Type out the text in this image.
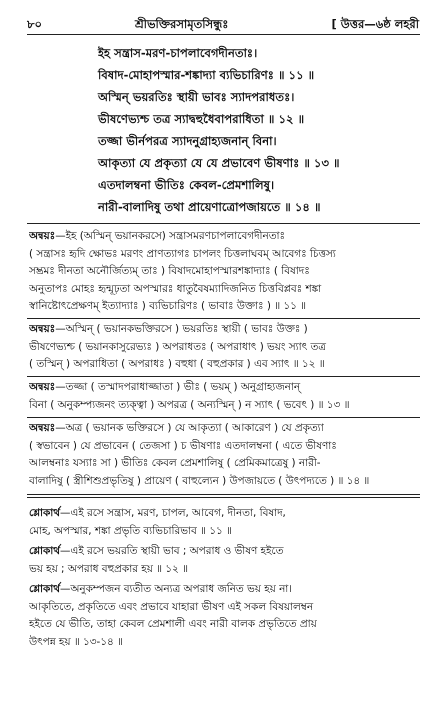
৮০	শ্রীভক্তিরসামৃতসিন্ধুঃ	[ উত্তর—৬ষ্ঠ লহরী
ইহ সন্ত্রাস-মরণ-চাপলাবেগদীনতাঃ।
বিষাদ-মোহাপস্মার-শঙ্কাদ্যা ব্যভিচারিণঃ ॥ ১১ ॥
অস্মিন্ ভয়রতিঃ স্থায়ী ভাবঃ স্যাদপরাধতঃ।
ভীষণেভ্যশ্চ তত্র স্যাদ্বহুধৈবাপরাধিতা ॥ ১২ ॥
তজ্জা ভীর্নপরত্র স্যাদনুগ্রাহ্যজনান্ বিনা।
আকৃত্যা যে প্রকৃত্যা যে যে প্রভাবেণ ভীষণাঃ ॥ ১৩ ॥
এতদালম্বনা ভীতিঃ কেবল-প্রেমশালিষু।
নারী-বালাদিষু তথা প্রায়েণাত্রোপজায়তে ॥ ১৪ ॥
অন্বয়ঃ—ইহ (অস্মিন্ ভয়ানকরসে) সন্ত্রাসমরণচাপলাবেগদীনতাঃ
( সন্ত্রাসঃ হৃদি ক্ষোভঃ মরণং প্রাণত্যাগঃ চাপলং চিত্তলাঘবম্ আবেগঃ চিত্তস্য
সম্ভ্রমঃ দীনতা অনৌর্জিত্যম্ তাঃ ) বিষাদমোহাপস্মারশঙ্কাদ্যাঃ ( বিষাদঃ
অনুতাপঃ মোহঃ হৃন্মূঢ়তা অপস্মারঃ ধাতুবৈষম্যাদিজনিত চিত্তবিপ্লবঃ শঙ্কা
স্বানিষ্টোৎপ্রেক্ষণম্ ইত্যাদ্যাঃ ) ব্যভিচারিণঃ ( ভাবাঃ উক্তাঃ ) ॥ ১১ ॥
অন্বয়ঃ—অস্মিন্ ( ভয়ানকভক্তিরসে ) ভয়রতিঃ স্থায়ী ( ভাবঃ উক্তঃ )
ভীষণেভ্যশ্চ ( ভয়ানকাসুরেভ্যঃ ) অপরাধতঃ ( অপরাধাৎ ) ভয়ং স্যাৎ তত্র
( তস্মিন্ ) অপরাধিতা ( অপরাধঃ ) বহুধা ( বহুপ্রকার ) এব স্যাৎ ॥ ১২ ॥
অন্বয়ঃ—তজ্জা ( তস্মাদপরাধাজ্জাতা ) ভীঃ ( ভয়ম্ ) অনুগ্রাহ্যজনান্
বিনা ( অনুকম্প্যজনং ত্যক্ত্বা ) অপরত্র ( অন্যস্মিন্ ) ন স্যাৎ ( ভবেৎ ) ॥ ১৩ ॥
অন্বয়ঃ—অত্র ( ভয়ানক ভক্তিরসে ) যে আকৃত্যা ( আকারেণ ) যে প্রকৃত্যা
( স্বভাবেন ) যে প্রভাবেন ( তেজসা ) চ ভীষণাঃ এতদালম্বনা ( এতে ভীষণাঃ
আলম্বনাঃ যস্যাঃ সা ) ভীতিঃ কেবল প্রেমশালিষু ( প্রেমিকমাত্রেষু ) নারী-
বালাদিষু ( স্ত্রীশিশুপ্রভৃতিষু ) প্রায়েণ ( বাহুল্যেন ) উপজায়তে ( উৎপদ্যতে ) ॥ ১৪ ॥
শ্লোকার্থ—এই রসে সন্ত্রাস, মরণ, চাপল, আবেগ, দীনতা, বিষাদ,
মোহ, অপস্মার, শঙ্কা প্রভৃতি ব্যভিচারিভাব ॥ ১১ ॥
শ্লোকার্থ—এই রসে ভয়রতি স্থায়ী ভাব ; অপরাধ ও ভীষণ হইতে
ভয় হয় ; অপরাধ বহুপ্রকার হয় ॥ ১২ ॥
শ্লোকার্থ—অনুকম্পজন ব্যতীত অন্যত্র অপরাধ জনিত ভয় হয় না।
আকৃতিতে, প্রকৃতিতে এবং প্রভাবে যাহারা ভীষণ এই সকল বিষয়ালম্বন
হইতে যে ভীতি, তাহা কেবল প্রেমশালী এবং নারী বালক প্রভৃতিতে প্রায়
উৎপন্ন হয় ॥ ১৩-১৪ ॥
